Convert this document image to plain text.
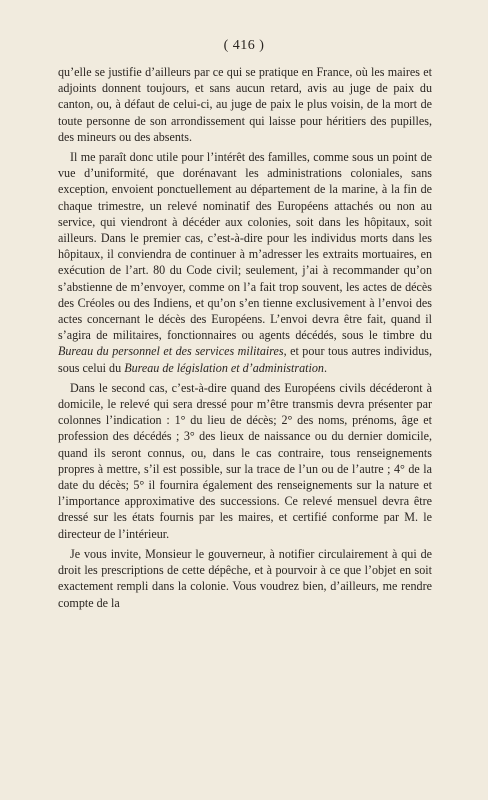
( 416 )

qu’elle se justifie d’ailleurs par ce qui se pratique en France, où les maires et adjoints donnent toujours, et sans aucun retard, avis au juge de paix du canton, ou, à défaut de celui-ci, au juge de paix le plus voisin, de la mort de toute personne de son arrondissement qui laisse pour héritiers des pupilles, des mineurs ou des absents.

Il me paraît donc utile pour l’intérêt des familles, comme sous un point de vue d’uniformité, que dorénavant les administrations coloniales, sans exception, envoient ponctuellement au département de la marine, à la fin de chaque trimestre, un relevé nominatif des Européens attachés ou non au service, qui viendront à décéder aux colonies, soit dans les hôpitaux, soit ailleurs. Dans le premier cas, c’est-à-dire pour les individus morts dans les hôpitaux, il conviendra de continuer à m’adresser les extraits mortuaires, en exécution de l’art. 80 du Code civil; seulement, j’ai à recommander qu’on s’abstienne de m’envoyer, comme on l’a fait trop souvent, les actes de décès des Créoles ou des Indiens, et qu’on s’en tienne exclusivement à l’envoi des actes concernant le décès des Européens. L’envoi devra être fait, quand il s’agira de militaires, fonctionnaires ou agents décédés, sous le timbre du Bureau du personnel et des services militaires, et pour tous autres individus, sous celui du Bureau de législation et d’administration.

Dans le second cas, c’est-à-dire quand des Européens civils décéderont à domicile, le relevé qui sera dressé pour m’être transmis devra présenter par colonnes l’indication : 1° du lieu de décès; 2° des noms, prénoms, âge et profession des décédés ; 3° des lieux de naissance ou du dernier domicile, quand ils seront connus, ou, dans le cas contraire, tous renseignements propres à mettre, s’il est possible, sur la trace de l’un ou de l’autre ; 4° de la date du décès; 5° il fournira également des renseignements sur la nature et l’importance approximative des successions. Ce relevé mensuel devra être dressé sur les états fournis par les maires, et certifié conforme par M. le directeur de l’intérieur.

Je vous invite, Monsieur le gouverneur, à notifier circulairement à qui de droit les prescriptions de cette dépêche, et à pourvoir à ce que l’objet en soit exactement rempli dans la colonie. Vous voudrez bien, d’ailleurs, me rendre compte de la
